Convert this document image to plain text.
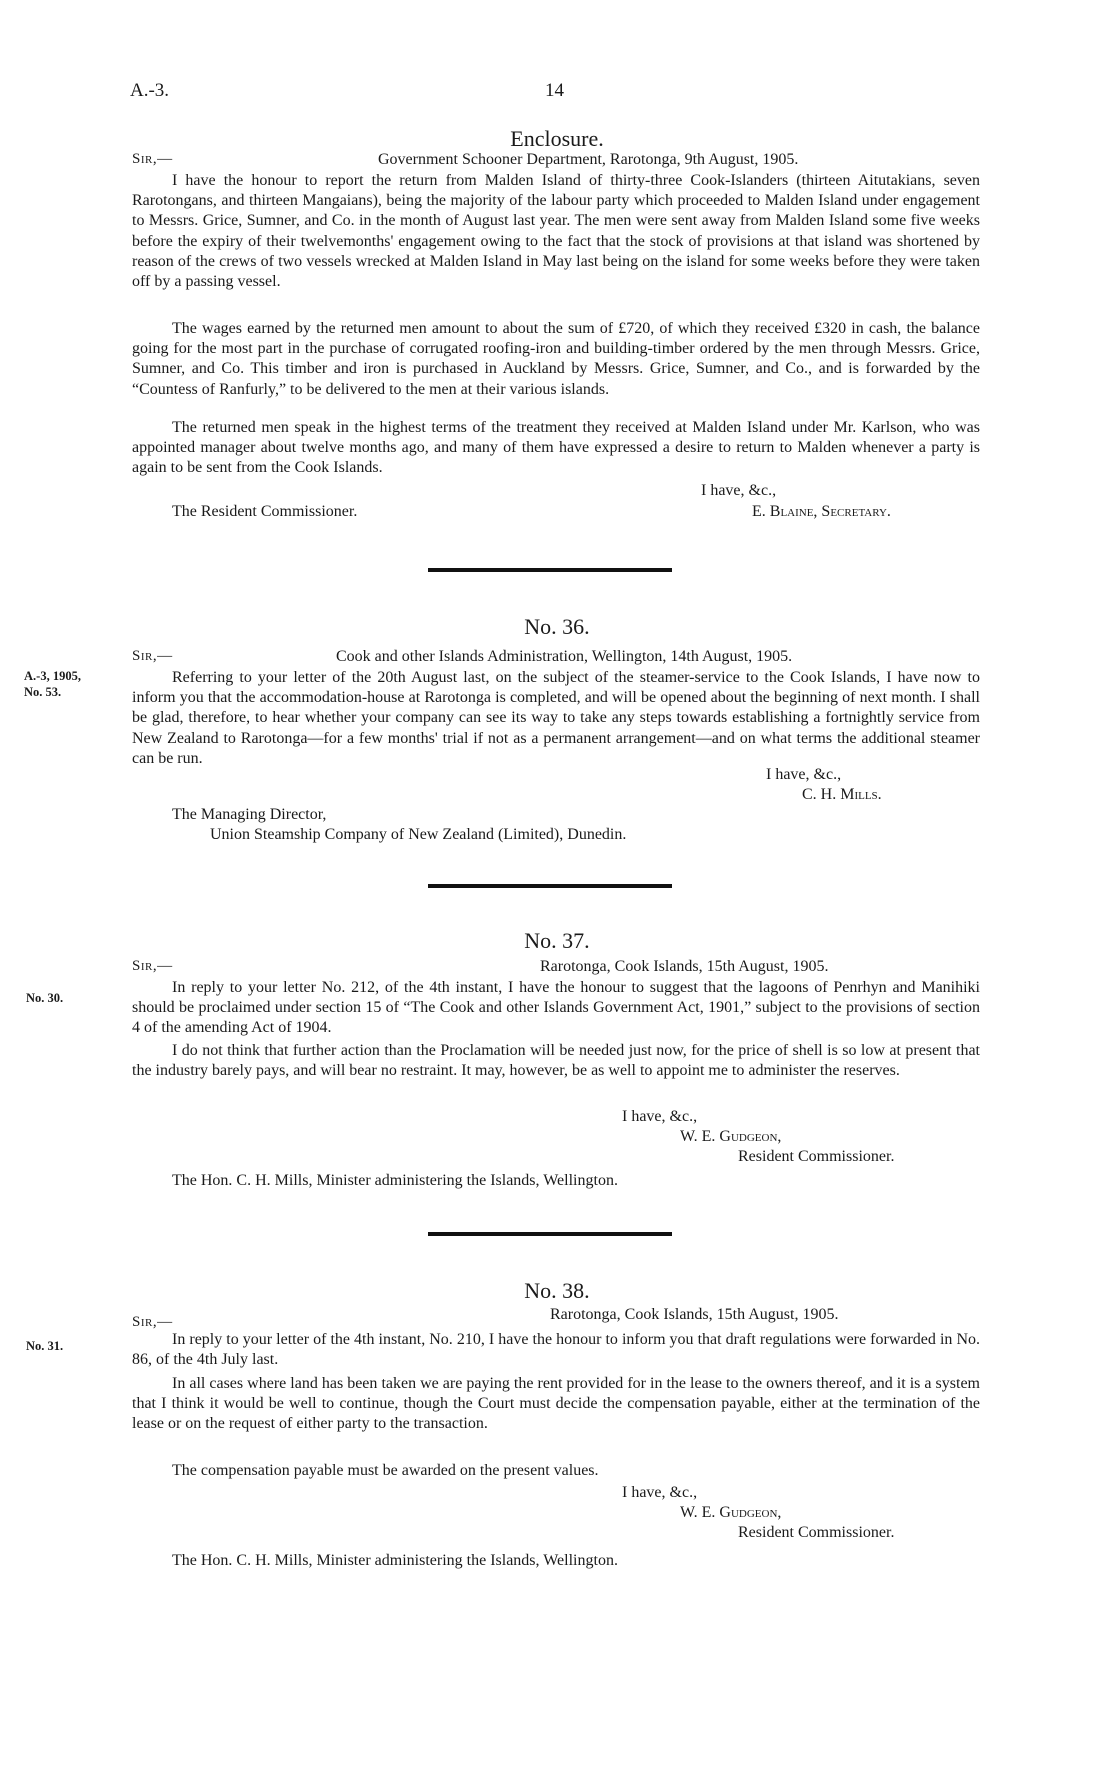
A.-3.	14
Enclosure.
Sir,—	Government Schooner Department, Rarotonga, 9th August, 1905.

I have the honour to report the return from Malden Island of thirty-three Cook-Islanders (thirteen Aitutakians, seven Rarotongans, and thirteen Mangaians), being the majority of the labour party which proceeded to Malden Island under engagement to Messrs. Grice, Sumner, and Co. in the month of August last year. The men were sent away from Malden Island some five weeks before the expiry of their twelvemonths' engagement owing to the fact that the stock of provisions at that island was shortened by reason of the crews of two vessels wrecked at Malden Island in May last being on the island for some weeks before they were taken off by a passing vessel.

The wages earned by the returned men amount to about the sum of £720, of which they received £320 in cash, the balance going for the most part in the purchase of corrugated roofing-iron and building-timber ordered by the men through Messrs. Grice, Sumner, and Co. This timber and iron is purchased in Auckland by Messrs. Grice, Sumner, and Co., and is forwarded by the “Countess of Ranfurly,” to be delivered to the men at their various islands.

The returned men speak in the highest terms of the treatment they received at Malden Island under Mr. Karlson, who was appointed manager about twelve months ago, and many of them have expressed a desire to return to Malden whenever a party is again to be sent from the Cook Islands.

I have, &c.,
E. Blaine, Secretary.
The Resident Commissioner.
No. 36.
A.-3, 1905,
No. 53.
Sir,—	Cook and other Islands Administration, Wellington, 14th August, 1905.

Referring to your letter of the 20th August last, on the subject of the steamer-service to the Cook Islands, I have now to inform you that the accommodation-house at Rarotonga is completed, and will be opened about the beginning of next month. I shall be glad, therefore, to hear whether your company can see its way to take any steps towards establishing a fortnightly service from New Zealand to Rarotonga—for a few months' trial if not as a permanent arrangement—and on what terms the additional steamer can be run.

I have, &c.,
C. H. Mills.
The Managing Director,
Union Steamship Company of New Zealand (Limited), Dunedin.
No. 37.
No. 30.
Sir,—	Rarotonga, Cook Islands, 15th August, 1905.

In reply to your letter No. 212, of the 4th instant, I have the honour to suggest that the lagoons of Penrhyn and Manihiki should be proclaimed under section 15 of “The Cook and other Islands Government Act, 1901,” subject to the provisions of section 4 of the amending Act of 1904.

I do not think that further action than the Proclamation will be needed just now, for the price of shell is so low at present that the industry barely pays, and will bear no restraint. It may, however, be as well to appoint me to administer the reserves.

I have, &c.,
W. E. Gudgeon,
Resident Commissioner.
The Hon. C. H. Mills, Minister administering the Islands, Wellington.
No. 38.
No. 31.
Sir,—	Rarotonga, Cook Islands, 15th August, 1905.

In reply to your letter of the 4th instant, No. 210, I have the honour to inform you that draft regulations were forwarded in No. 86, of the 4th July last.

In all cases where land has been taken we are paying the rent provided for in the lease to the owners thereof, and it is a system that I think it would be well to continue, though the Court must decide the compensation payable, either at the termination of the lease or on the request of either party to the transaction.

The compensation payable must be awarded on the present values.

I have, &c.,
W. E. Gudgeon,
Resident Commissioner.
The Hon. C. H. Mills, Minister administering the Islands, Wellington.
